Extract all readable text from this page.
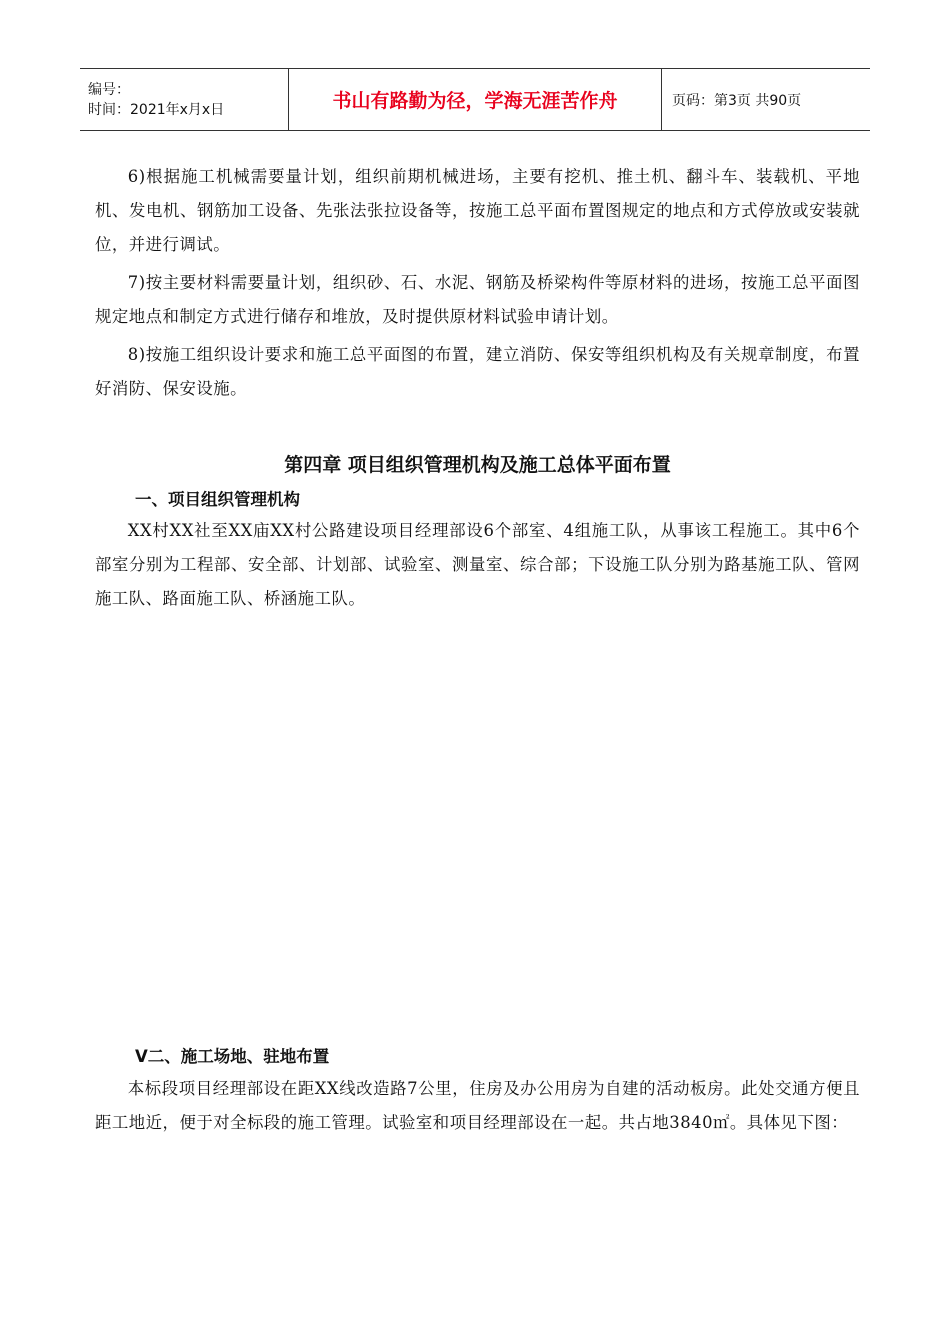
编号：
时间：2021年x月x日	书山有路勤为径，学海无涯苦作舟	页码：第3页 共90页

6)根据施工机械需要量计划，组织前期机械进场，主要有挖机、推土机、翻斗车、装载机、平地机、发电机、钢筋加工设备、先张法张拉设备等，按施工总平面布置图规定的地点和方式停放或安装就位，并进行调试。

7)按主要材料需要量计划，组织砂、石、水泥、钢筋及桥梁构件等原材料的进场，按施工总平面图规定地点和制定方式进行储存和堆放，及时提供原材料试验申请计划。

8)按施工组织设计要求和施工总平面图的布置，建立消防、保安等组织机构及有关规章制度，布置好消防、保安设施。

第四章 项目组织管理机构及施工总体平面布置
一、项目组织管理机构

XX村XX社至XX庙XX村公路建设项目经理部设6个部室、4组施工队，从事该工程施工。其中6个部室分别为工程部、安全部、计划部、试验室、测量室、综合部；下设施工队分别为路基施工队、管网施工队、路面施工队、桥涵施工队。

V二、施工场地、驻地布置

本标段项目经理部设在距XX线改造路7公里，住房及办公用房为自建的活动板房。此处交通方便且距工地近，便于对全标段的施工管理。试验室和项目经理部设在一起。共占地3840㎡。具体见下图：
